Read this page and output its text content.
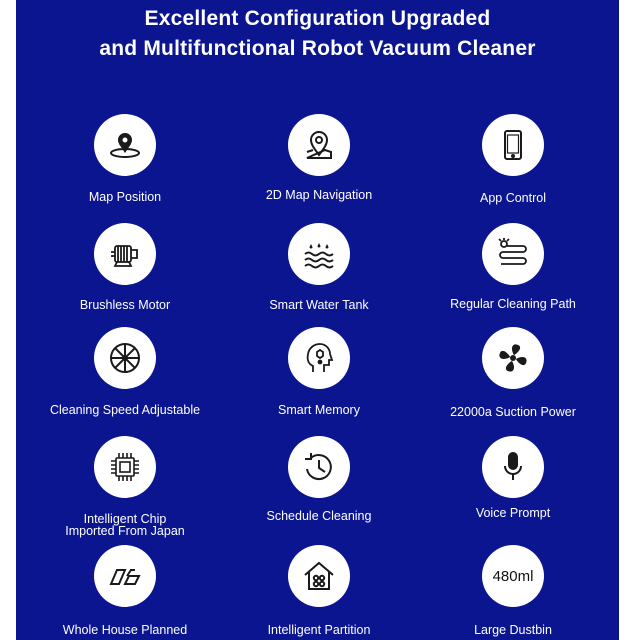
Excellent Configuration Upgraded
and Multifunctional Robot Vacuum Cleaner
Map Position	2D Map Navigation	App Control
Brushless Motor	Smart Water Tank	Regular Cleaning Path
Cleaning Speed Adjustable	Smart Memory	22000a Suction Power
Intelligent Chip
Imported From Japan
Schedule Cleaning	Voice Prompt
Whole House Planned	Intelligent Partition
480ml
Large Dustbin
